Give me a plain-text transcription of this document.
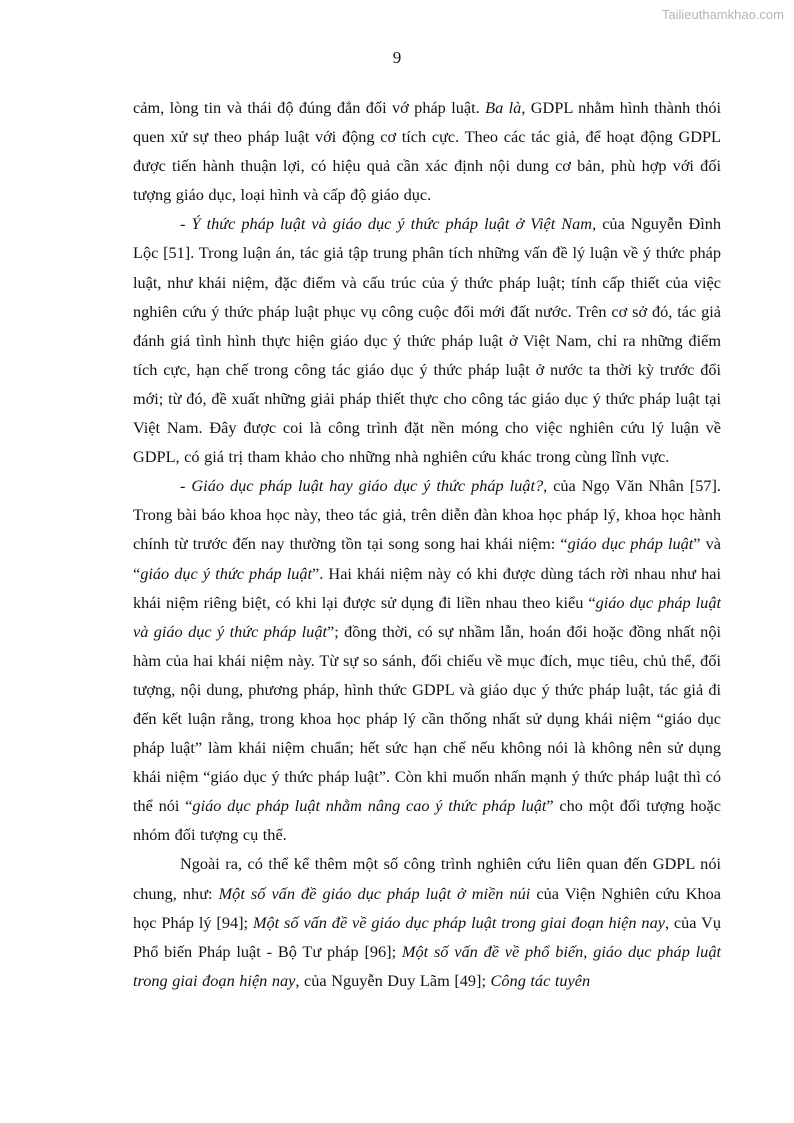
Tailieuthamkhao.com
9

cảm, lòng tin và thái độ đúng đắn đối vớ pháp luật. Ba là, GDPL nhằm hình thành thói quen xử sự theo pháp luật với động cơ tích cực. Theo các tác giả, để hoạt động GDPL được tiến hành thuận lợi, có hiệu quả cần xác định nội dung cơ bản, phù hợp với đối tượng giáo dục, loại hình và cấp độ giáo dục.

- Ý thức pháp luật và giáo dục ý thức pháp luật ở Việt Nam, của Nguyễn Đình Lộc [51]. Trong luận án, tác giả tập trung phân tích những vấn đề lý luận về ý thức pháp luật, như khái niệm, đặc điểm và cấu trúc của ý thức pháp luật; tính cấp thiết của việc nghiên cứu ý thức pháp luật phục vụ công cuộc đổi mới đất nước. Trên cơ sở đó, tác giả đánh giá tình hình thực hiện giáo dục ý thức pháp luật ở Việt Nam, chỉ ra những điểm tích cực, hạn chế trong công tác giáo dục ý thức pháp luật ở nước ta thời kỳ trước đổi mới; từ đó, đề xuất những giải pháp thiết thực cho công tác giáo dục ý thức pháp luật tại Việt Nam. Đây được coi là công trình đặt nền móng cho việc nghiên cứu lý luận về GDPL, có giá trị tham khảo cho những nhà nghiên cứu khác trong cùng lĩnh vực.

- Giáo dục pháp luật hay giáo dục ý thức pháp luật?, của Ngọ Văn Nhân [57]. Trong bài báo khoa học này, theo tác giả, trên diễn đàn khoa học pháp lý, khoa học hành chính từ trước đến nay thường tồn tại song song hai khái niệm: “giáo dục pháp luật” và “giáo dục ý thức pháp luật”. Hai khái niệm này có khi được dùng tách rời nhau như hai khái niệm riêng biệt, có khi lại được sử dụng đi liền nhau theo kiểu “giáo dục pháp luật và giáo dục ý thức pháp luật”; đồng thời, có sự nhầm lẫn, hoán đổi hoặc đồng nhất nội hàm của hai khái niệm này. Từ sự so sánh, đối chiếu về mục đích, mục tiêu, chủ thể, đối tượng, nội dung, phương pháp, hình thức GDPL và giáo dục ý thức pháp luật, tác giả đi đến kết luận rằng, trong khoa học pháp lý cần thống nhất sử dụng khái niệm “giáo dục pháp luật” làm khái niệm chuẩn; hết sức hạn chế nếu không nói là không nên sử dụng khái niệm “giáo dục ý thức pháp luật”. Còn khi muốn nhấn mạnh ý thức pháp luật thì có thể nói “giáo dục pháp luật nhằm nâng cao ý thức pháp luật” cho một đối tượng hoặc nhóm đối tượng cụ thể.

Ngoài ra, có thể kể thêm một số công trình nghiên cứu liên quan đến GDPL nói chung, như: Một số vấn đề giáo dục pháp luật ở miền núi của Viện Nghiên cứu Khoa học Pháp lý [94]; Một số vấn đề về giáo dục pháp luật trong giai đoạn hiện nay, của Vụ Phổ biến Pháp luật - Bộ Tư pháp [96]; Một số vấn đề về phổ biến, giáo dục pháp luật trong giai đoạn hiện nay, của Nguyễn Duy Lãm [49]; Công tác tuyên
